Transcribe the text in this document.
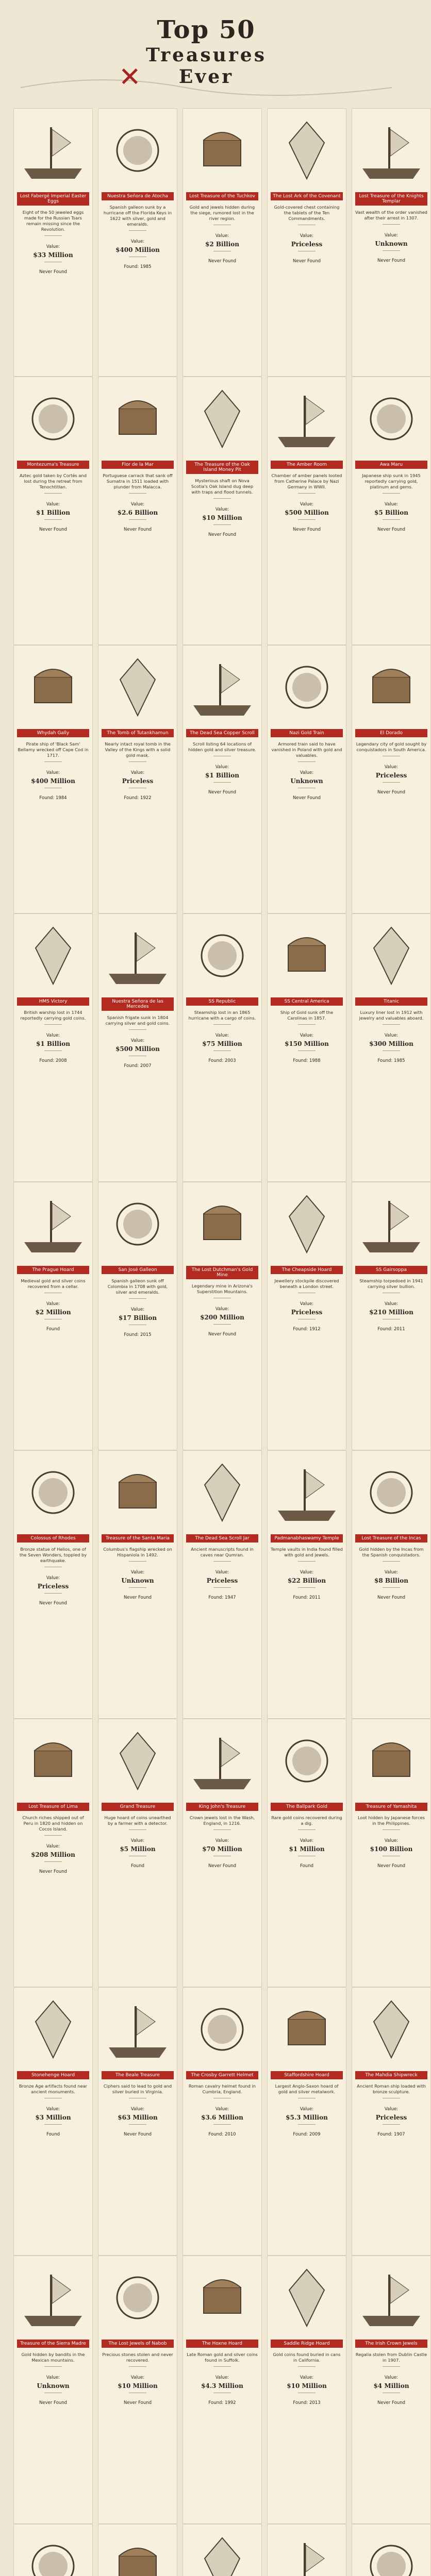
✕
Top 50
Treasures
Ever
Lost Fabergé Imperial Easter Eggs
Eight of the 50 jeweled eggs made for the Russian Tsars remain missing since the Revolution.
Value:
$33 Million
Never Found
Nuestra Señora de Atocha
Spanish galleon sunk by a hurricane off the Florida Keys in 1622 with silver, gold and emeralds.
Value:
$400 Million
Found: 1985
Lost Treasure of the Tuchkov
Gold and jewels hidden during the siege, rumored lost in the river region.
Value:
$2 Billion
Never Found
The Lost Ark of the Covenant
Gold-covered chest containing the tablets of the Ten Commandments.
Value:
Priceless
Never Found
Lost Treasure of the Knights Templar
Vast wealth of the order vanished after their arrest in 1307.
Value:
Unknown
Never Found
Montezuma's Treasure
Aztec gold taken by Cortés and lost during the retreat from Tenochtitlan.
Value:
$1 Billion
Never Found
Flor de la Mar
Portuguese carrack that sank off Sumatra in 1511 loaded with plunder from Malacca.
Value:
$2.6 Billion
Never Found
The Treasure of the Oak Island Money Pit
Mysterious shaft on Nova Scotia's Oak Island dug deep with traps and flood tunnels.
Value:
$10 Million
Never Found
The Amber Room
Chamber of amber panels looted from Catherine Palace by Nazi Germany in WWII.
Value:
$500 Million
Never Found
Awa Maru
Japanese ship sunk in 1945 reportedly carrying gold, platinum and gems.
Value:
$5 Billion
Never Found
Whydah Gally
Pirate ship of 'Black Sam' Bellamy wrecked off Cape Cod in 1717.
Value:
$400 Million
Found: 1984
The Tomb of Tutankhamun
Nearly intact royal tomb in the Valley of the Kings with a solid gold mask.
Value:
Priceless
Found: 1922
The Dead Sea Copper Scroll
Scroll listing 64 locations of hidden gold and silver treasure.
Value:
$1 Billion
Never Found
Nazi Gold Train
Armored train said to have vanished in Poland with gold and valuables.
Value:
Unknown
Never Found
El Dorado
Legendary city of gold sought by conquistadors in South America.
Value:
Priceless
Never Found
HMS Victory
British warship lost in 1744 reportedly carrying gold coins.
Value:
$1 Billion
Found: 2008
Nuestra Señora de las Mercedes
Spanish frigate sunk in 1804 carrying silver and gold coins.
Value:
$500 Million
Found: 2007
SS Republic
Steamship lost in an 1865 hurricane with a cargo of coins.
Value:
$75 Million
Found: 2003
SS Central America
Ship of Gold sunk off the Carolinas in 1857.
Value:
$150 Million
Found: 1988
Titanic
Luxury liner lost in 1912 with jewelry and valuables aboard.
Value:
$300 Million
Found: 1985
The Prague Hoard
Medieval gold and silver coins recovered from a cellar.
Value:
$2 Million
Found
San José Galleon
Spanish galleon sunk off Colombia in 1708 with gold, silver and emeralds.
Value:
$17 Billion
Found: 2015
The Lost Dutchman's Gold Mine
Legendary mine in Arizona's Superstition Mountains.
Value:
$200 Million
Never Found
The Cheapside Hoard
Jewellery stockpile discovered beneath a London street.
Value:
Priceless
Found: 1912
SS Gairsoppa
Steamship torpedoed in 1941 carrying silver bullion.
Value:
$210 Million
Found: 2011
Colossus of Rhodes
Bronze statue of Helios, one of the Seven Wonders, toppled by earthquake.
Value:
Priceless
Never Found
Treasure of the Santa Maria
Columbus's flagship wrecked on Hispaniola in 1492.
Value:
Unknown
Never Found
The Dead Sea Scroll Jar
Ancient manuscripts found in caves near Qumran.
Value:
Priceless
Found: 1947
Padmanabhaswamy Temple
Temple vaults in India found filled with gold and jewels.
Value:
$22 Billion
Found: 2011
Lost Treasure of the Incas
Gold hidden by the Incas from the Spanish conquistadors.
Value:
$8 Billion
Never Found
Lost Treasure of Lima
Church riches shipped out of Peru in 1820 and hidden on Cocos Island.
Value:
$208 Million
Never Found
Grand Treasure
Huge hoard of coins unearthed by a farmer with a detector.
Value:
$5 Million
Found
King John's Treasure
Crown jewels lost in the Wash, England, in 1216.
Value:
$70 Million
Never Found
The Ballpark Gold
Rare gold coins recovered during a dig.
Value:
$1 Million
Found
Treasure of Yamashita
Loot hidden by Japanese forces in the Philippines.
Value:
$100 Billion
Never Found
Stonehenge Hoard
Bronze Age artifacts found near ancient monuments.
Value:
$3 Million
Found
The Beale Treasure
Ciphers said to lead to gold and silver buried in Virginia.
Value:
$63 Million
Never Found
The Crosby Garrett Helmet
Roman cavalry helmet found in Cumbria, England.
Value:
$3.6 Million
Found: 2010
Staffordshire Hoard
Largest Anglo-Saxon hoard of gold and silver metalwork.
Value:
$5.3 Million
Found: 2009
The Mahdia Shipwreck
Ancient Roman ship loaded with bronze sculpture.
Value:
Priceless
Found: 1907
Treasure of the Sierra Madre
Gold hidden by bandits in the Mexican mountains.
Value:
Unknown
Never Found
The Lost Jewels of Nabob
Precious stones stolen and never recovered.
Value:
$10 Million
Never Found
The Hoxne Hoard
Late Roman gold and silver coins found in Suffolk.
Value:
$4.3 Million
Found: 1992
Saddle Ridge Hoard
Gold coins found buried in cans in California.
Value:
$10 Million
Found: 2013
The Irish Crown Jewels
Regalia stolen from Dublin Castle in 1907.
Value:
$4 Million
Never Found
